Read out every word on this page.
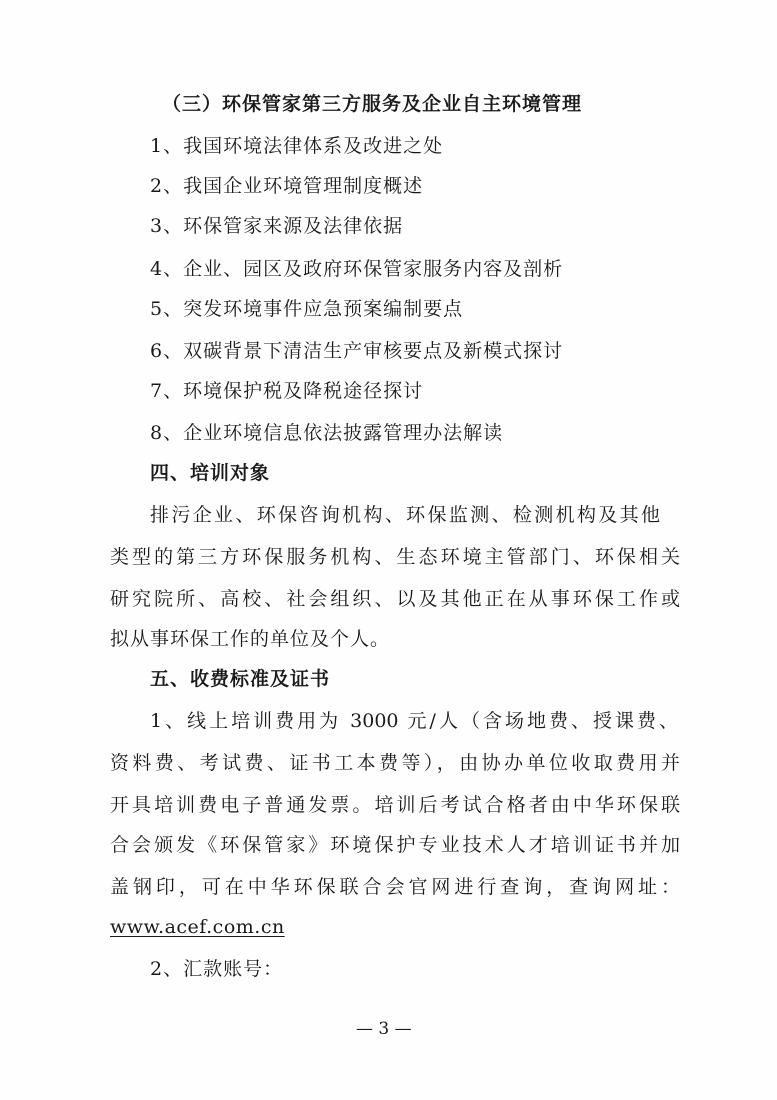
（三）环保管家第三方服务及企业自主环境管理
1、我国环境法律体系及改进之处
2、我国企业环境管理制度概述
3、环保管家来源及法律依据
4、企业、园区及政府环保管家服务内容及剖析
5、突发环境事件应急预案编制要点
6、双碳背景下清洁生产审核要点及新模式探讨
7、环境保护税及降税途径探讨
8、企业环境信息依法披露管理办法解读
四、培训对象
排污企业、环保咨询机构、环保监测、检测机构及其他
类型的第三方环保服务机构、生态环境主管部门、环保相关
研究院所、高校、社会组织、以及其他正在从事环保工作或
拟从事环保工作的单位及个人。
五、收费标准及证书
1、线上培训费用为 3000 元/人（含场地费、授课费、
资料费、考试费、证书工本费等），由协办单位收取费用并
开具培训费电子普通发票。培训后考试合格者由中华环保联
合会颁发《环保管家》环境保护专业技术人才培训证书并加
盖钢印，可在中华环保联合会官网进行查询，查询网址：
www.acef.com.cn
2、汇款账号：
— 3 —
